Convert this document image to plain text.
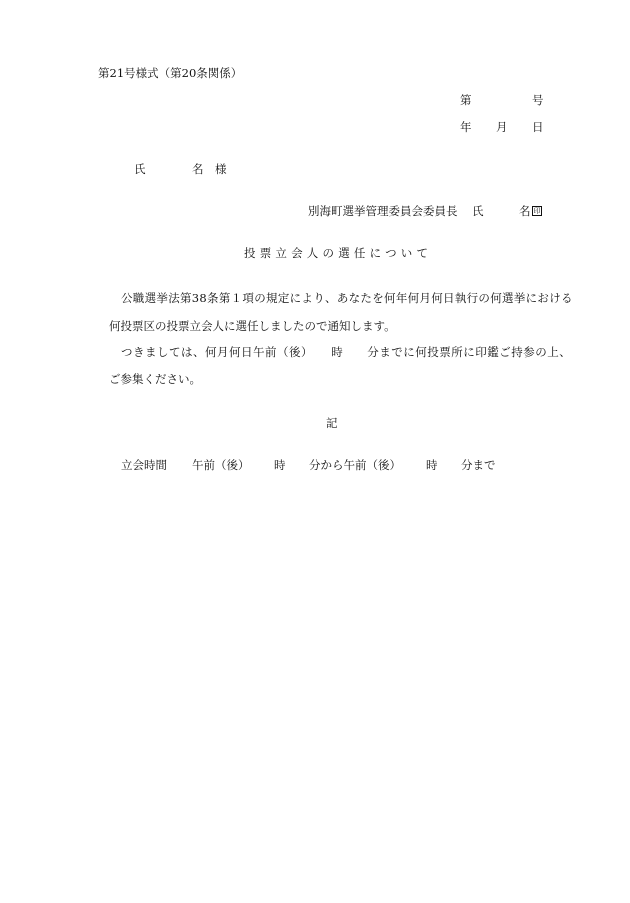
第21号様式（第20条関係）
第	号
年 月 日
氏	名 様
別海町選挙管理委員会委員長 氏	名 印
投票立会人の選任について
公職選挙法第38条第１項の規定により、あなたを何年何月何日執行の何選挙における
何投票区の投票立会人に選任しましたので通知します。
つきましては、何月何日午前（後）　　時　　分までに何投票所に印鑑ご持参の上、
ご参集ください。
記
立会時間 午前（後） 時 分から午前（後） 時 分まで
